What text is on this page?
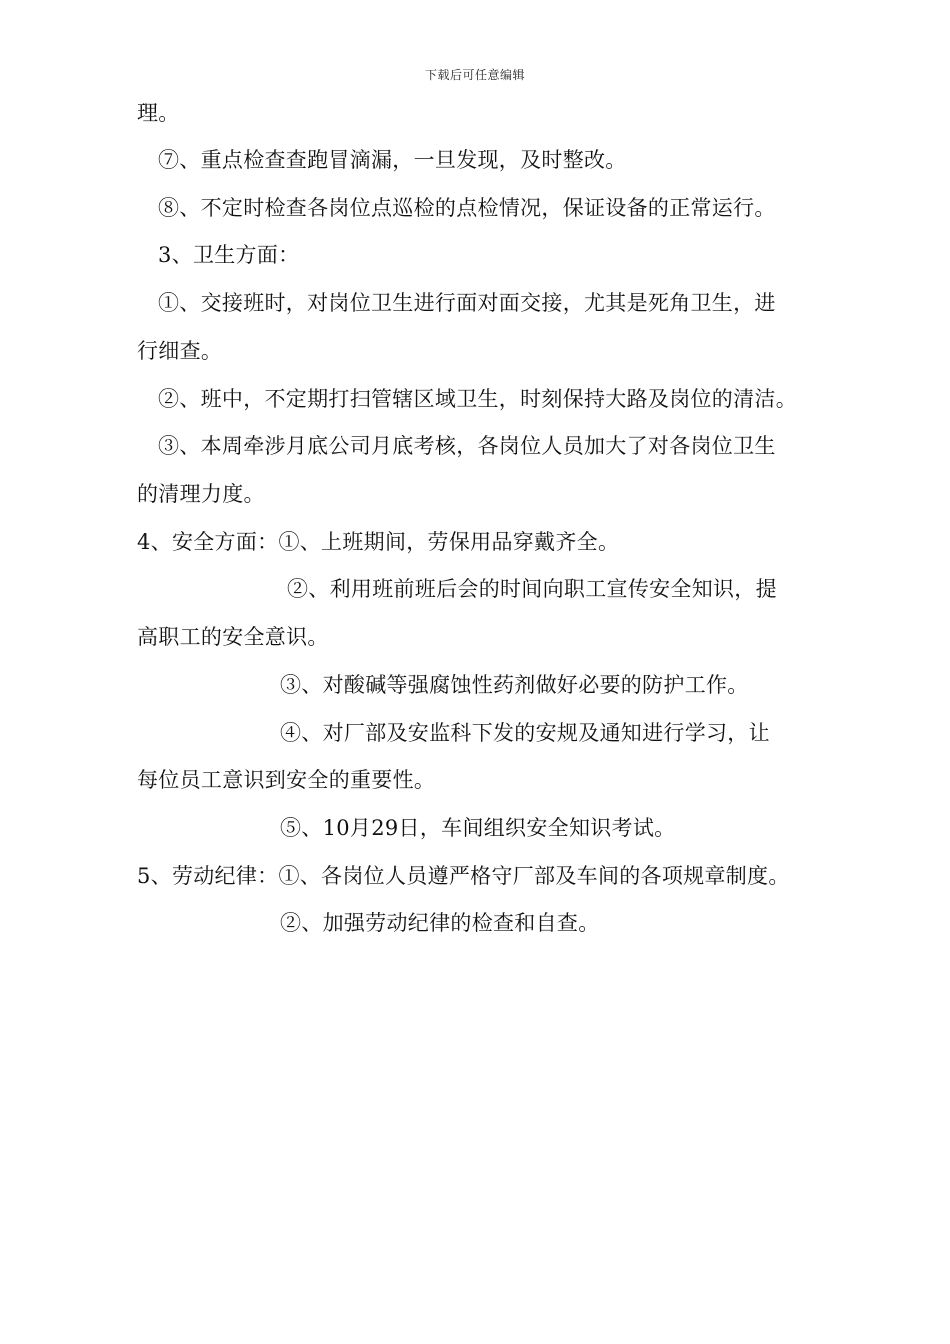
下载后可任意编辑
理。
⑦、重点检查查跑冒滴漏，一旦发现，及时整改。
⑧、不定时检查各岗位点巡检的点检情况，保证设备的正常运行。
3、卫生方面：
①、交接班时，对岗位卫生进行面对面交接，尤其是死角卫生，进
行细查。
②、班中，不定期打扫管辖区域卫生，时刻保持大路及岗位的清洁。
③、本周牵涉月底公司月底考核，各岗位人员加大了对各岗位卫生
的清理力度。
4、安全方面：①、上班期间，劳保用品穿戴齐全。
②、利用班前班后会的时间向职工宣传安全知识，提
高职工的安全意识。
③、对酸碱等强腐蚀性药剂做好必要的防护工作。
④、对厂部及安监科下发的安规及通知进行学习，让
每位员工意识到安全的重要性。
⑤、10月29日，车间组织安全知识考试。
5、劳动纪律：①、各岗位人员遵严格守厂部及车间的各项规章制度。
②、加强劳动纪律的检查和自查。
